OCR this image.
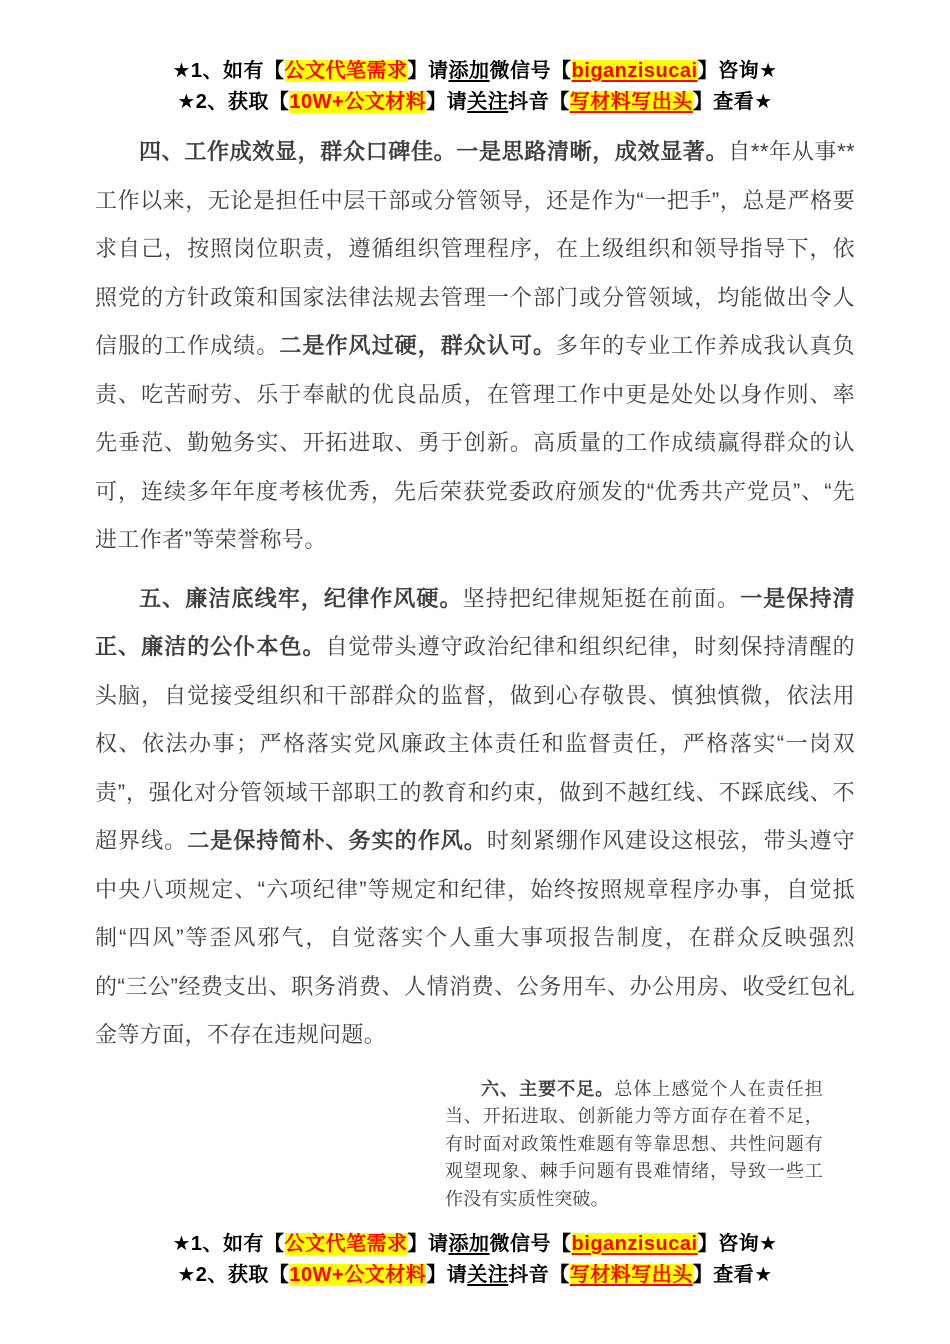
★1、如有【公文代笔需求】请添加微信号【biganzisucai】咨询★
★2、获取【10W+公文材料】请关注抖音【写材料写出头】查看★

四、工作成效显，群众口碑佳。一是思路清晰，成效显著。自**年从事**工作以来，无论是担任中层干部或分管领导，还是作为“一把手”，总是严格要求自己，按照岗位职责，遵循组织管理程序，在上级组织和领导指导下，依照党的方针政策和国家法律法规去管理一个部门或分管领域，均能做出令人信服的工作成绩。二是作风过硬，群众认可。多年的专业工作养成我认真负责、吃苦耐劳、乐于奉献的优良品质，在管理工作中更是处处以身作则、率先垂范、勤勉务实、开拓进取、勇于创新。高质量的工作成绩赢得群众的认可，连续多年年度考核优秀，先后荣获党委政府颁发的“优秀共产党员”、“先进工作者”等荣誉称号。

五、廉洁底线牢，纪律作风硬。坚持把纪律规矩挺在前面。一是保持清正、廉洁的公仆本色。自觉带头遵守政治纪律和组织纪律，时刻保持清醒的头脑，自觉接受组织和干部群众的监督，做到心存敬畏、慎独慎微，依法用权、依法办事；严格落实党风廉政主体责任和监督责任，严格落实“一岗双责”，强化对分管领域干部职工的教育和约束，做到不越红线、不踩底线、不超界线。二是保持简朴、务实的作风。时刻紧绷作风建设这根弦，带头遵守中央八项规定、“六项纪律”等规定和纪律，始终按照规章程序办事，自觉抵制“四风”等歪风邪气，自觉落实个人重大事项报告制度，在群众反映强烈的“三公”经费支出、职务消费、人情消费、公务用车、办公用房、收受红包礼金等方面，不存在违规问题。

六、主要不足。总体上感觉个人在责任担当、开拓进取、创新能力等方面存在着不足，有时面对政策性难题有等靠思想、共性问题有观望现象、棘手问题有畏难情绪，导致一些工作没有实质性突破。

★1、如有【公文代笔需求】请添加微信号【biganzisucai】咨询★
★2、获取【10W+公文材料】请关注抖音【写材料写出头】查看★
